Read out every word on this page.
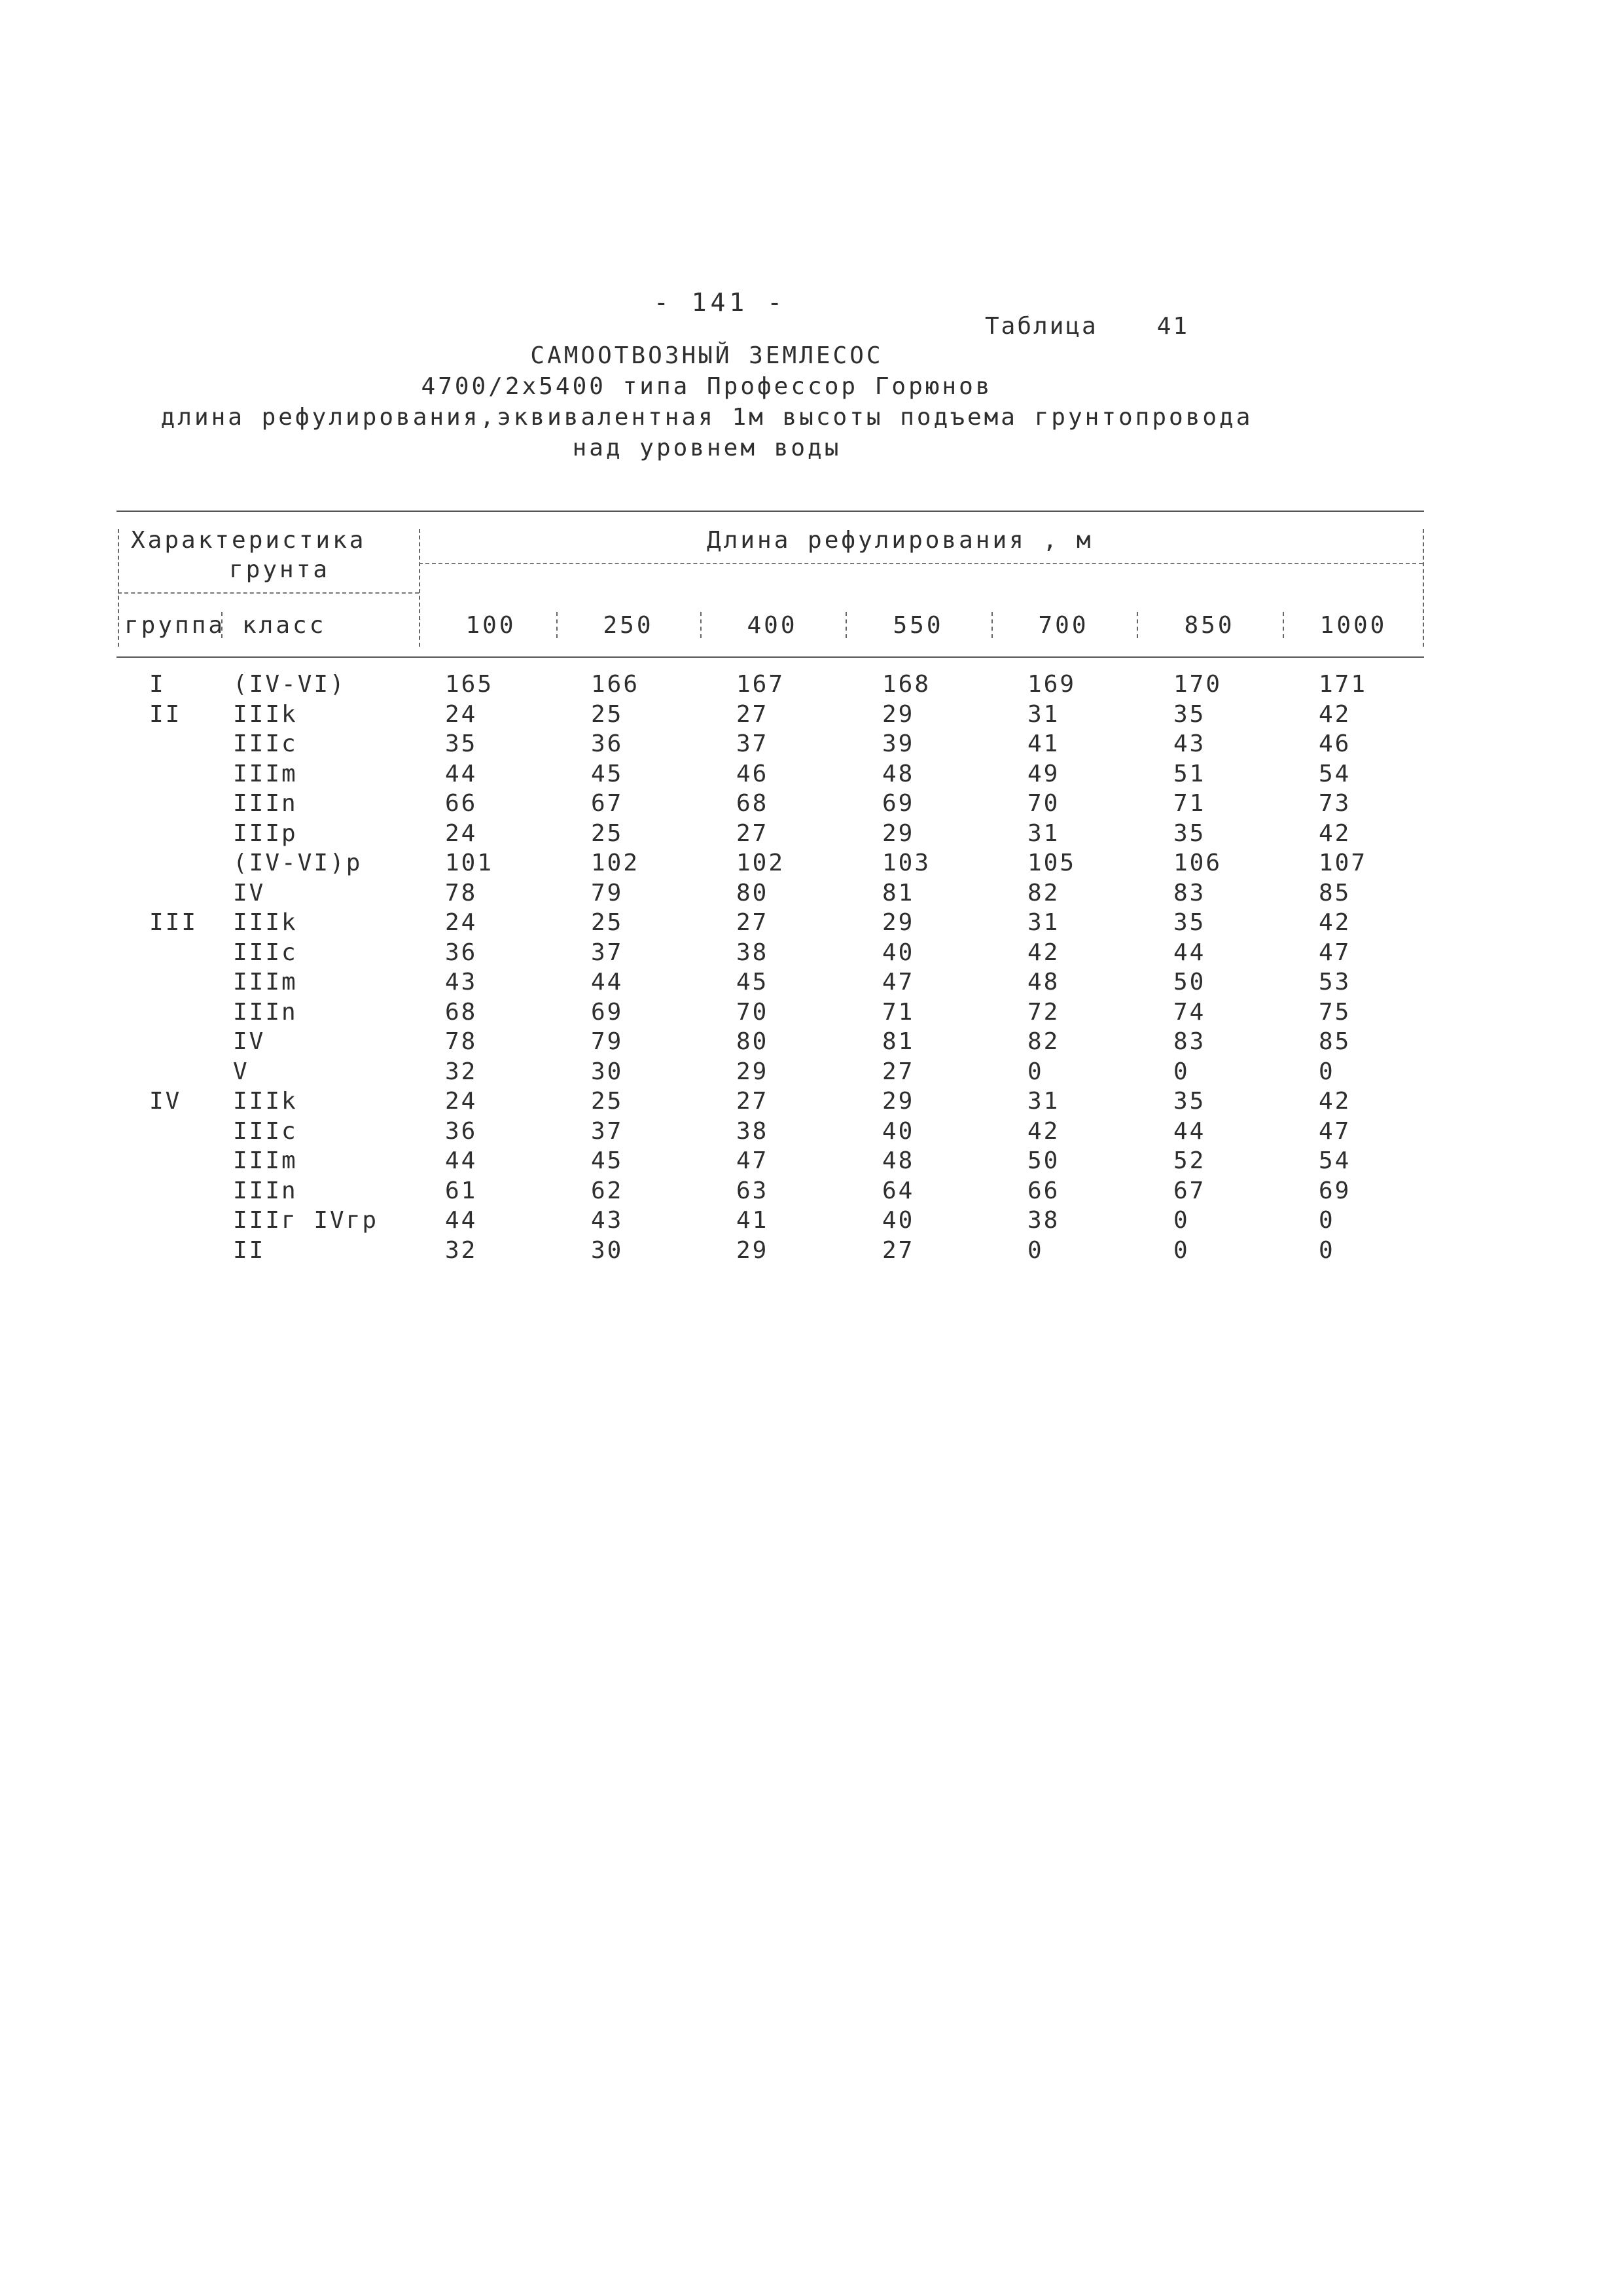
- 141 -
Таблица	41
САМООТВОЗНЫЙ ЗЕМЛЕСОС
4700/2x5400 типа Профессор Горюнов
длина рефулирования,эквивалентная 1м высоты подъема грунтопровода
над уровнем воды
Характеристика
грунта
Длина рефулирования , м
группа класс	100	250	400	550	700	850	1000
I	(IV-VI)	165	166	167	168	169	170	171
II IIIk	24	25	27	29	31	35	42
IIIc	35	36	37	39	41	43	46
IIIm	44	45	46	48	49	51	54
IIIn	66	67	68	69	70	71	73
IIIp	24	25	27	29	31	35	42
(IV-VI)p	101	102	102	103	105	106	107
IV	78	79	80	81	82	83	85
III IIIk	24	25	27	29	31	35	42
IIIc	36	37	38	40	42	44	47
IIIm	43	44	45	47	48	50	53
IIIn	68	69	70	71	72	74	75
IV	78	79	80	81	82	83	85
V	32	30	29	27	0	0	0
IV IIIk	24	25	27	29	31	35	42
IIIc	36	37	38	40	42	44	47
IIIm	44	45	47	48	50	52	54
IIIn	61	62	63	64	66	67	69
IIIг IVгр	44	43	41	40	38	0	0
II	32	30	29	27	0	0	0
